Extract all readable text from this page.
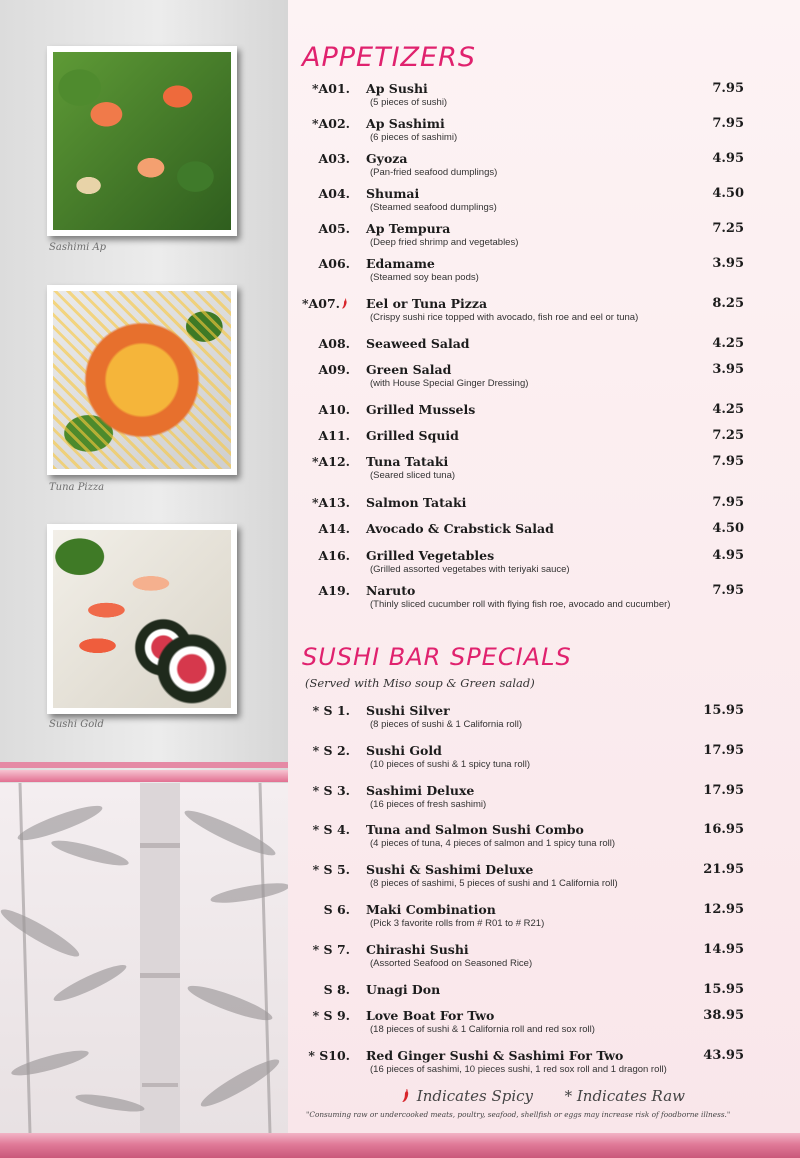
Sashimi Ap
Tuna Pizza
Sushi Gold
APPETIZERS
*A01. Ap Sushi
(5 pieces of sushi)
7.95
*A02. Ap Sashimi
(6 pieces of sashimi)
7.95
A03. Gyoza
(Pan-fried seafood dumplings)
4.95
A04. Shumai
(Steamed seafood dumplings)
4.50
A05. Ap Tempura
(Deep fried shrimp and vegetables)
7.25
A06. Edamame
(Steamed soy bean pods)
3.95
*A07.	Eel or Tuna Pizza
(Crispy sushi rice topped with avocado, fish roe and eel or tuna)
8.25
A08. Seaweed Salad	4.25
A09. Green Salad
(with House Special Ginger Dressing)
3.95
A10. Grilled Mussels	4.25
A11. Grilled Squid	7.25
*A12. Tuna Tataki
(Seared sliced tuna)
7.95
*A13. Salmon Tataki	7.95
A14. Avocado & Crabstick Salad	4.50
A16. Grilled Vegetables
(Grilled assorted vegetabes with teriyaki sauce)
4.95
A19. Naruto
(Thinly sliced cucumber roll with flying fish roe, avocado and cucumber)
7.95
SUSHI BAR SPECIALS
(Served with Miso soup & Green salad)
* S 1. Sushi Silver
(8 pieces of sushi & 1 California roll)
15.95
* S 2. Sushi Gold
(10 pieces of sushi & 1 spicy tuna roll)
17.95
* S 3. Sashimi Deluxe
(16 pieces of fresh sashimi)
17.95
* S 4. Tuna and Salmon Sushi Combo
(4 pieces of tuna, 4 pieces of salmon and 1 spicy tuna roll)
16.95
* S 5. Sushi & Sashimi Deluxe
(8 pieces of sashimi, 5 pieces of sushi and 1 California roll)
21.95
S 6. Maki Combination
(Pick 3 favorite rolls from # R01 to # R21)
12.95
* S 7. Chirashi Sushi
(Assorted Seafood on Seasoned Rice)
14.95
S 8. Unagi Don	15.95
* S 9. Love Boat For Two
(18 pieces of sushi & 1 California roll and red sox roll)
38.95
* S10. Red Ginger Sushi & Sashimi For Two
(16 pieces of sashimi, 10 pieces sushi, 1 red sox roll and 1 dragon roll)
43.95
Indicates Spicy * Indicates Raw
"Consuming raw or undercooked meats, poultry, seafood, shellfish or eggs may increase risk of foodborne illness."
